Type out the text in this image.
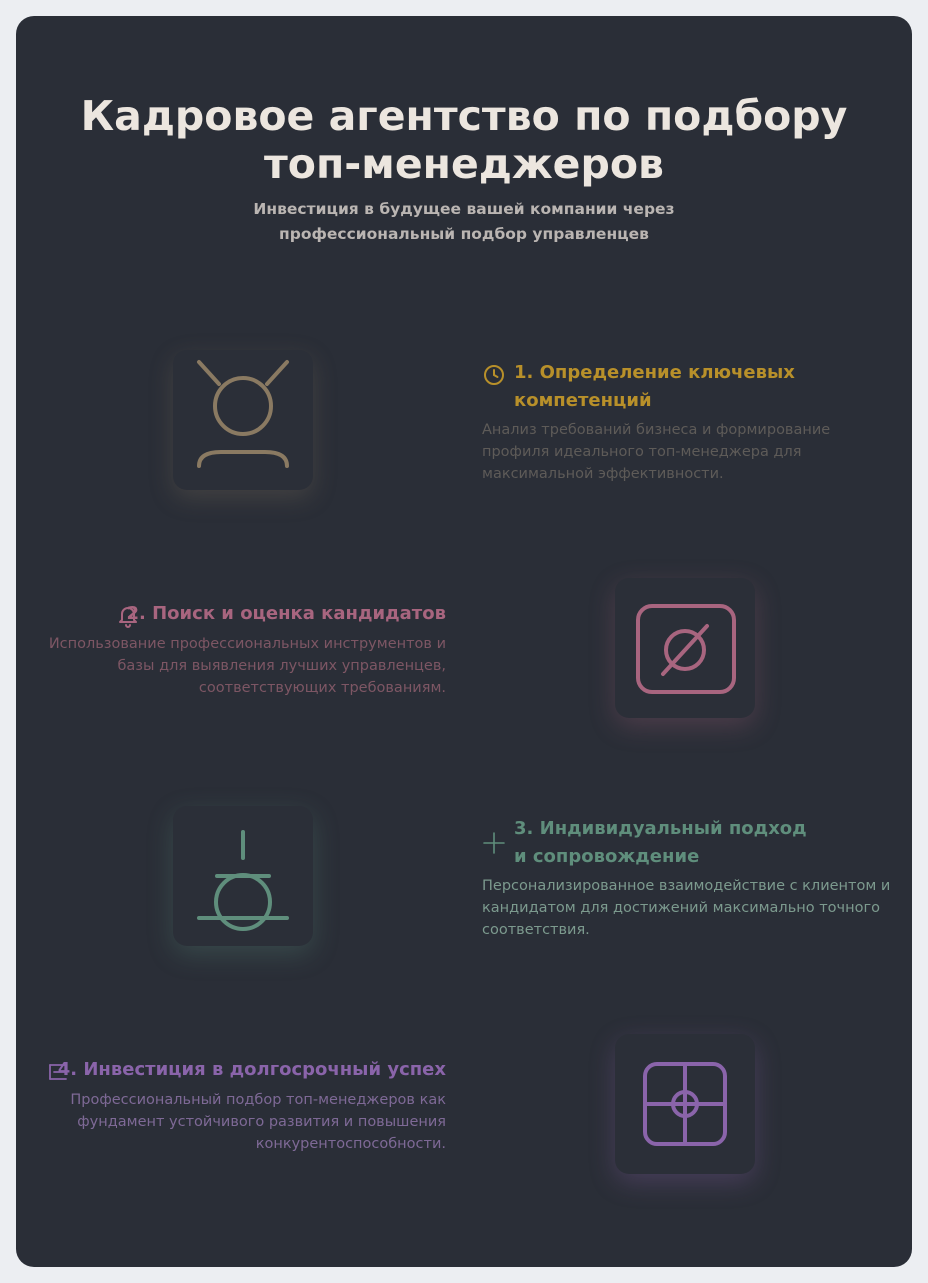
Кадровое агентство по подбору топ-менеджеров

Инвестиция в будущее вашей компании через профессиональный подбор управленцев

1. Определение ключевых компетенций

Анализ требований бизнеса и формирование профиля идеального топ-менеджера для максимальной эффективности.

2. Поиск и оценка кандидатов

Использование профессиональных инструментов и базы для выявления лучших управленцев, соответствующих требованиям.

3. Индивидуальный подход и сопровождение

Персонализированное взаимодействие с клиентом и кандидатом для достижений максимально точного соответствия.

4. Инвестиция в долгосрочный успех

Профессиональный подбор топ-менеджеров как фундамент устойчивого развития и повышения конкурентоспособности.
